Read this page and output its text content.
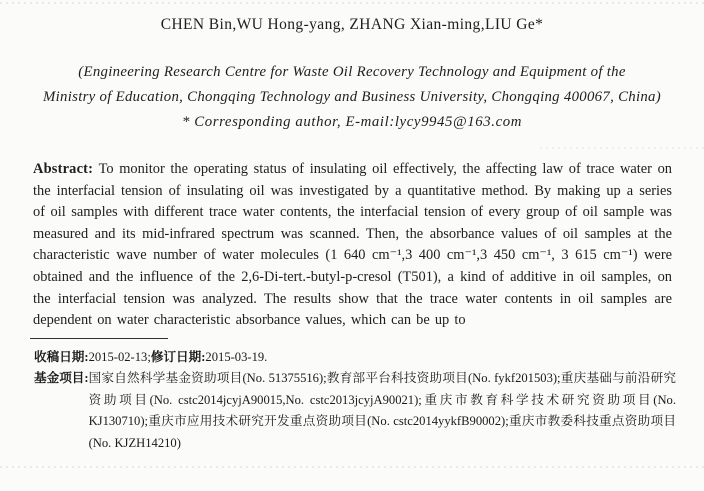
CHEN Bin,WU Hong-yang, ZHANG Xian-ming,LIU Ge*
(Engineering Research Centre for Waste Oil Recovery Technology and Equipment of the
Ministry of Education, Chongqing Technology and Business University, Chongqing 400067, China)
* Corresponding author, E-mail:lycy9945@163.com

Abstract: To monitor the operating status of insulating oil effectively, the affecting law of trace water on the interfacial tension of insulating oil was investigated by a quantitative method. By making up a series of oil samples with different trace water contents, the interfacial tension of every group of oil sample was measured and its mid-infrared spectrum was scanned. Then, the absorbance values of oil samples at the characteristic wave number of water molecules (1 640 cm⁻¹,3 400 cm⁻¹,3 450 cm⁻¹, 3 615 cm⁻¹) were obtained and the influence of the 2,6-Di-tert.-butyl-p-cresol (T501), a kind of additive in oil samples, on the interfacial tension was analyzed. The results show that the trace water contents in oil samples are dependent on water characteristic absorbance values, which can be up to

收稿日期:2015-02-13;修订日期:2015-03-19.
基金项目: 国家自然科学基金资助项目(No. 51375516);教育部平台科技资助项目(No. fykf201503);重庆基础与前沿研究资助项目(No. cstc2014jcyjA90015,No. cstc2013jcyjA90021);重庆市教育科学技术研究资助项目(No. KJ130710);重庆市应用技术研究开发重点资助项目(No. cstc2014yykfB90002);重庆市教委科技重点资助项目(No. KJZH14210)
